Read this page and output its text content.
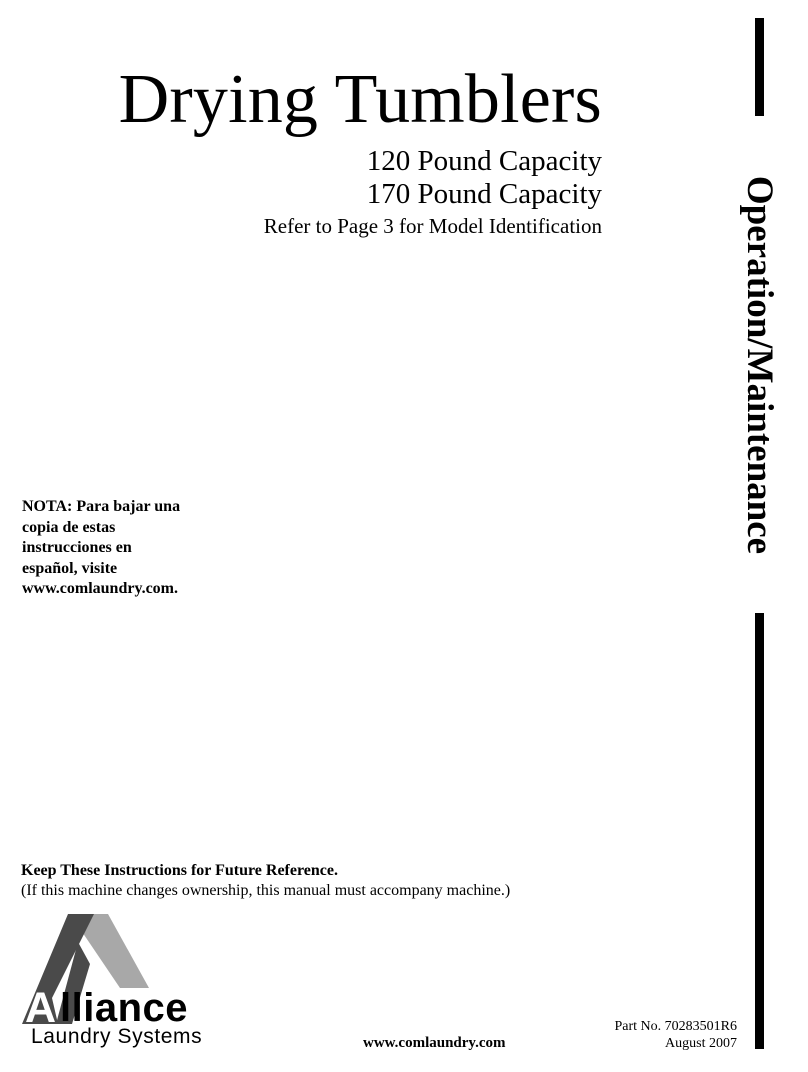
Drying Tumblers
120 Pound Capacity
170 Pound Capacity
Refer to Page 3 for Model Identification	Operation/Maintenance
NOTA: Para bajar una
copia de estas
instrucciones en
español, visite
www.comlaundry.com.
Keep These Instructions for Future Reference.
(If this machine changes ownership, this manual must accompany machine.)
A lliance
Laundry Systems	www.comlaundry.com
Part No. 70283501R6
August 2007
